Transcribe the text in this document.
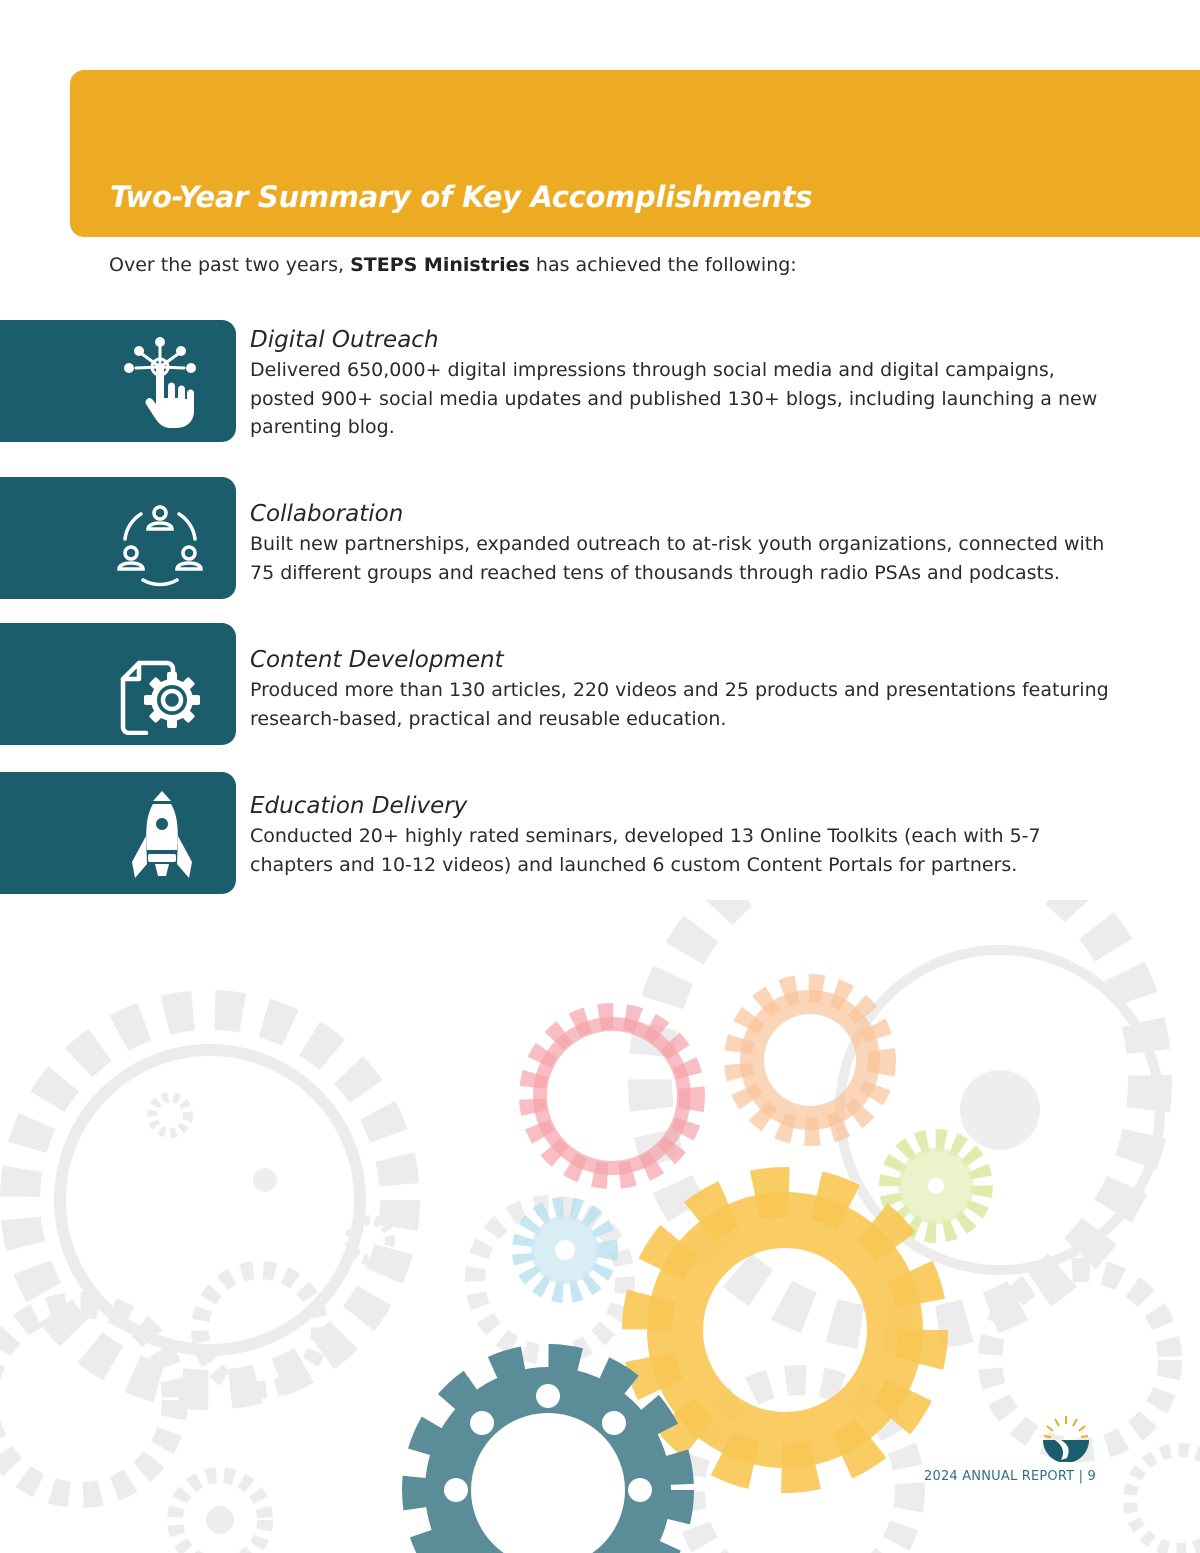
Two-Year Summary of Key Accomplishments
Over the past two years, STEPS Ministries has achieved the following:
Digital Outreach
Delivered 650,000+ digital impressions through social media and digital campaigns, posted 900+ social media updates and published 130+ blogs, including launching a new parenting blog.
Collaboration
Built new partnerships, expanded outreach to at-risk youth organizations, connected with 75 different groups and reached tens of thousands through radio PSAs and podcasts.
Content Development
Produced more than 130 articles, 220 videos and 25 products and presentations featuring research-based, practical and reusable education.
Education Delivery
Conducted 20+ highly rated seminars, developed 13 Online Toolkits (each with 5-7 chapters and 10-12 videos) and launched 6 custom Content Portals for partners.
2024 ANNUAL REPORT | 9
